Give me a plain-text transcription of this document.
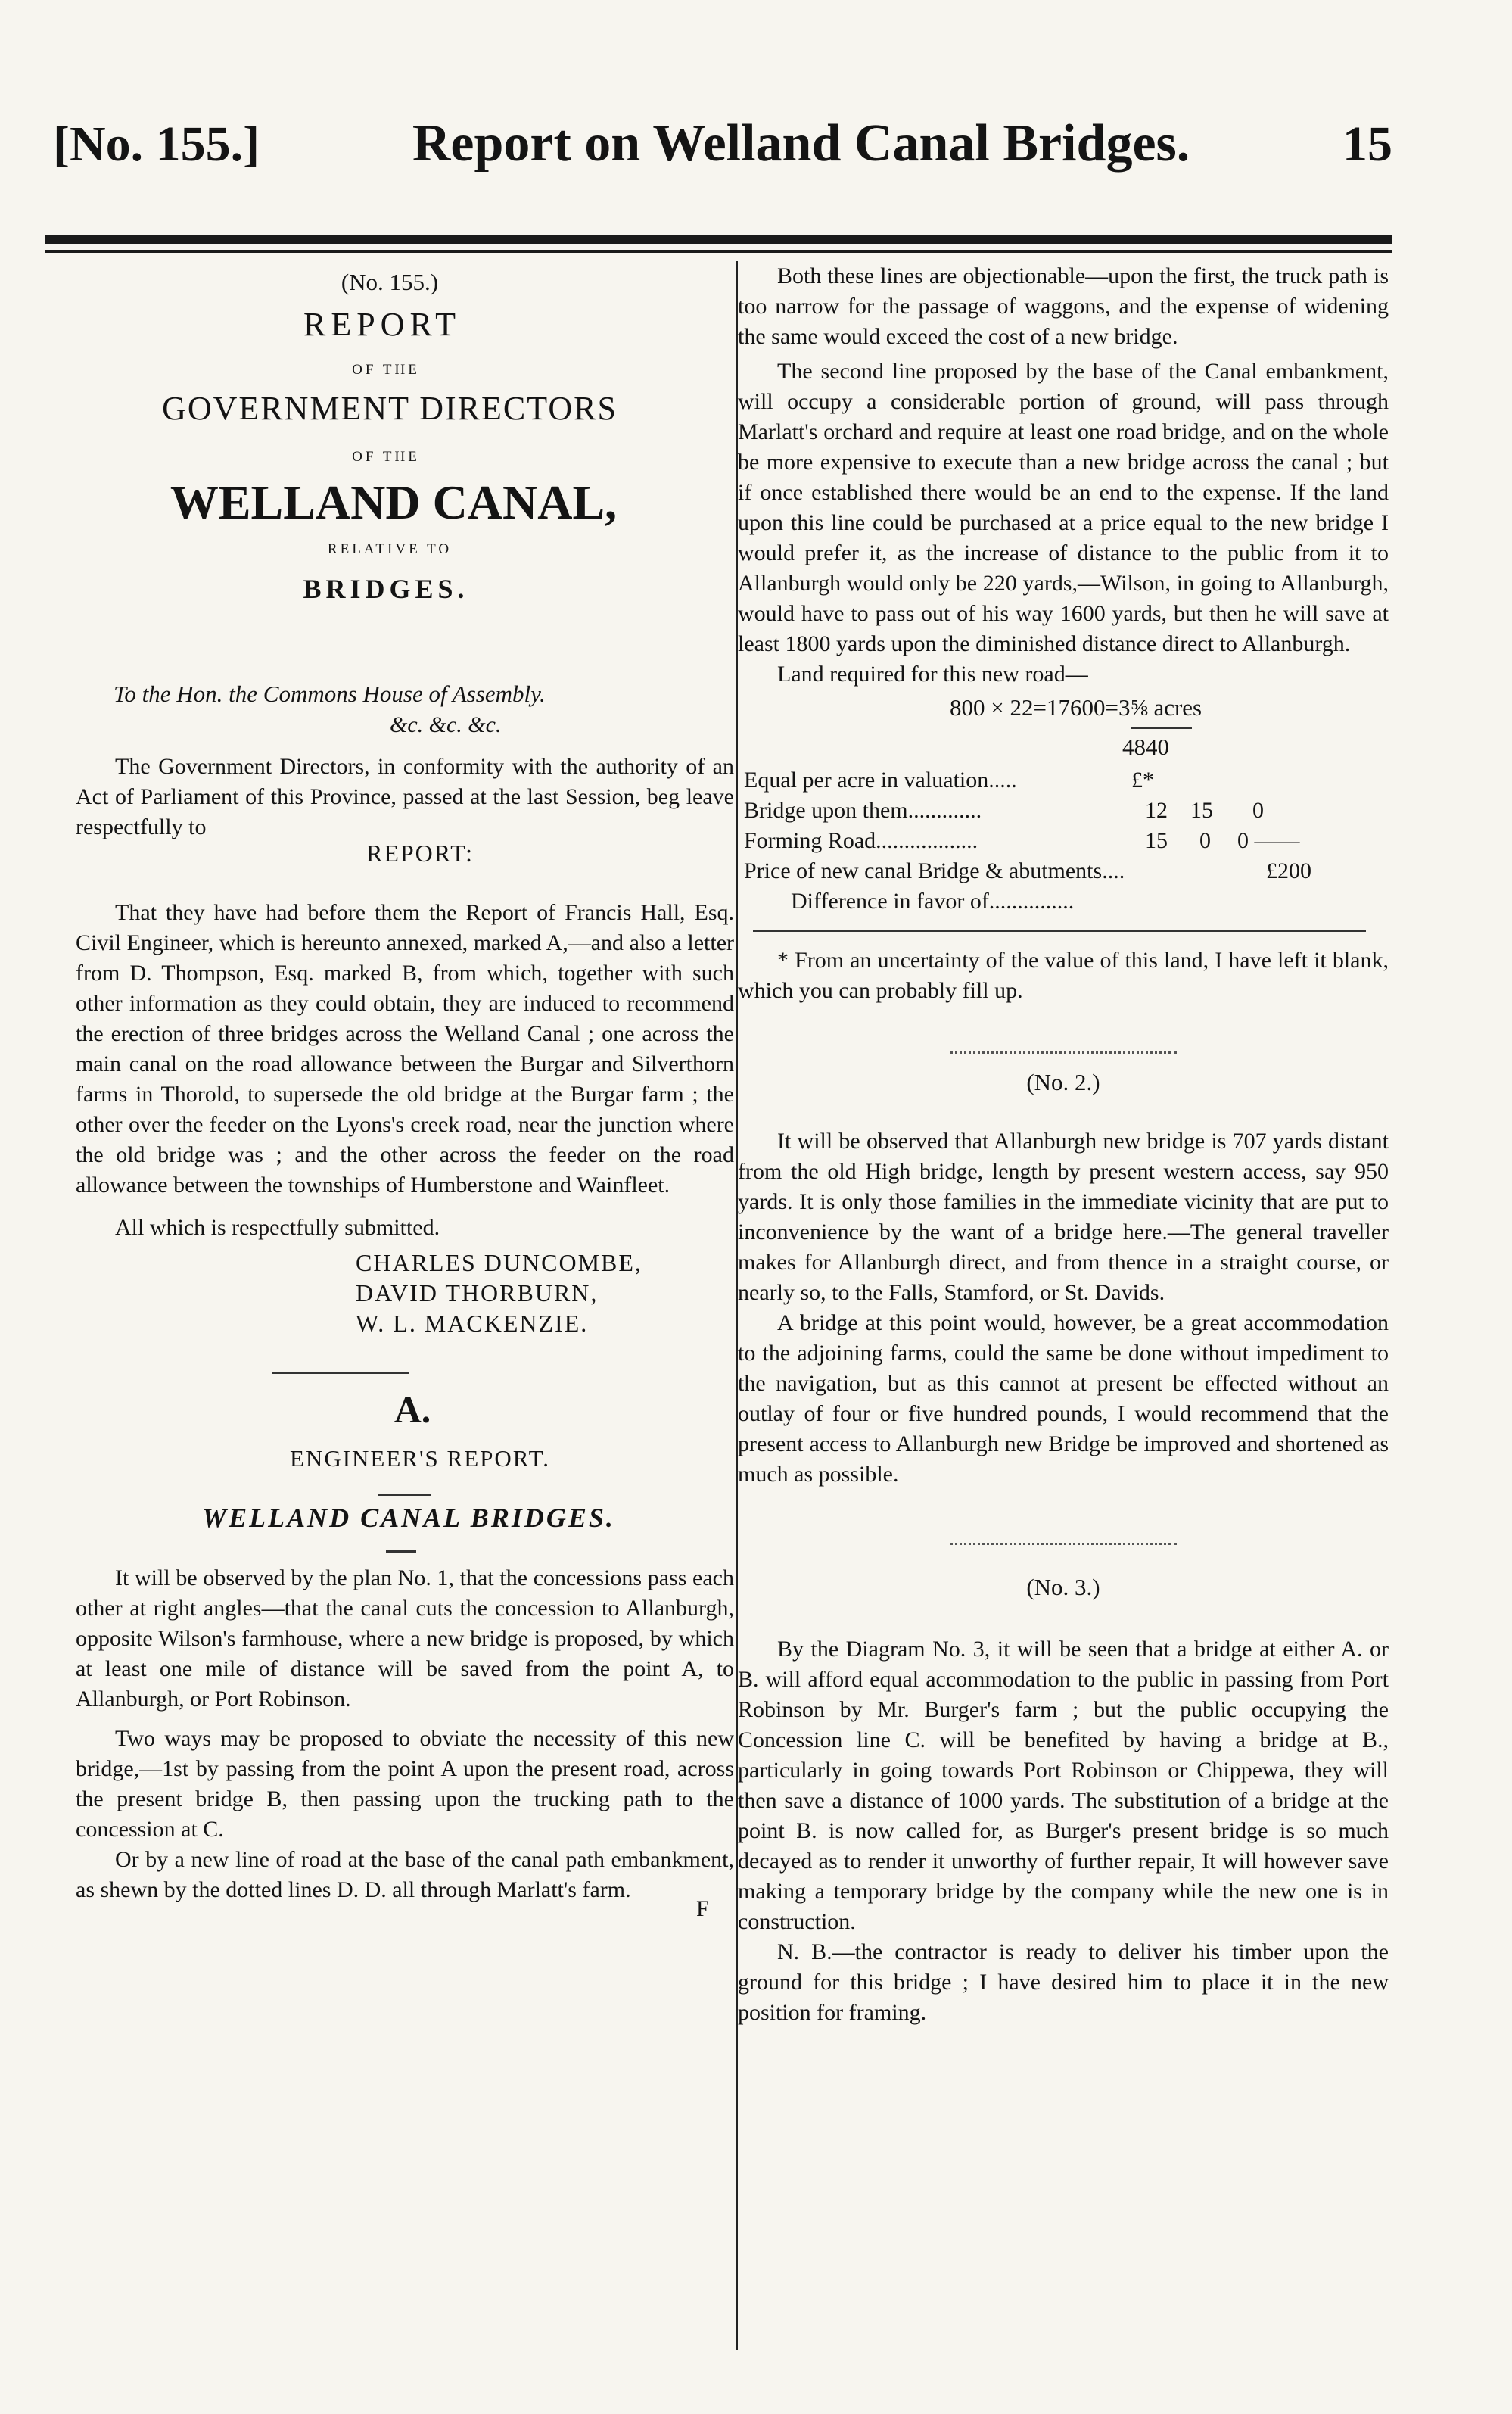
[No. 155.]	Report on Welland Canal Bridges.	15
(No. 155.)
REPORT
OF THE
GOVERNMENT DIRECTORS
OF THE
WELLAND CANAL,
RELATIVE TO
BRIDGES.
To the Hon. the Commons House of Assembly.
&c. &c. &c.
The Government Directors, in conformity with the authority of an Act of Parliament of this Province, passed at the last Session, beg leave respectfully to
REPORT:
That they have had before them the Report of Francis Hall, Esq. Civil Engineer, which is hereunto annexed, marked A,—and also a letter from D. Thompson, Esq. marked B, from which, together with such other information as they could obtain, they are induced to recommend the erection of three bridges across the Welland Canal ; one across the main canal on the road allowance between the Burgar and Silverthorn farms in Thorold, to supersede the old bridge at the Burgar farm ; the other over the feeder on the Lyons's creek road, near the junction where the old bridge was ; and the other across the feeder on the road allowance between the townships of Humberstone and Wainfleet.
All which is respectfully submitted.
CHARLES DUNCOMBE,
DAVID THORBURN,
W. L. MACKENZIE.
A.
ENGINEER'S REPORT.
WELLAND CANAL BRIDGES.
It will be observed by the plan No. 1, that the concessions pass each other at right angles—that the canal cuts the concession to Allanburgh, opposite Wilson's farmhouse, where a new bridge is proposed, by which at least one mile of distance will be saved from the point A, to Allanburgh, or Port Robinson.
Two ways may be proposed to obviate the necessity of this new bridge,—1st by passing from the point A upon the present road, across the present bridge B, then passing upon the trucking path to the concession at C.
Or by a new line of road at the base of the canal path embankment, as shewn by the dotted lines D. D. all through Marlatt's farm.
F
Both these lines are objectionable—upon the first, the truck path is too narrow for the passage of waggons, and the expense of widening the same would exceed the cost of a new bridge.
The second line proposed by the base of the Canal embankment, will occupy a considerable portion of ground, will pass through Marlatt's orchard and require at least one road bridge, and on the whole be more expensive to execute than a new bridge across the canal ; but if once established there would be an end to the expense. If the land upon this line could be purchased at a price equal to the new bridge I would prefer it, as the increase of distance to the public from it to Allanburgh would only be 220 yards,—Wilson, in going to Allanburgh, would have to pass out of his way 1600 yards, but then he will save at least 1800 yards upon the diminished distance direct to Allanburgh.
Land required for this new road—
800 × 22=17600=3⅝ acres
4840
Equal per acre in valuation.....	£*
Bridge upon them.............	12 15 0
Forming Road..................	15 0 0 ——
Price of new canal Bridge & abutments....	£200
Difference in favor of...............
* From an uncertainty of the value of this land, I have left it blank, which you can probably fill up.
(No. 2.)
It will be observed that Allanburgh new bridge is 707 yards distant from the old High bridge, length by present western access, say 950 yards. It is only those families in the immediate vicinity that are put to inconvenience by the want of a bridge here.—The general traveller makes for Allanburgh direct, and from thence in a straight course, or nearly so, to the Falls, Stamford, or St. Davids.
A bridge at this point would, however, be a great accommodation to the adjoining farms, could the same be done without impediment to the navigation, but as this cannot at present be effected without an outlay of four or five hundred pounds, I would recommend that the present access to Allanburgh new Bridge be improved and shortened as much as possible.
(No. 3.)
By the Diagram No. 3, it will be seen that a bridge at either A. or B. will afford equal accommodation to the public in passing from Port Robinson by Mr. Burger's farm ; but the public occupying the Concession line C. will be benefited by having a bridge at B., particularly in going towards Port Robinson or Chippewa, they will then save a distance of 1000 yards. The substitution of a bridge at the point B. is now called for, as Burger's present bridge is so much decayed as to render it unworthy of further repair, It will however save making a temporary bridge by the company while the new one is in construction.
N. B.—the contractor is ready to deliver his timber upon the ground for this bridge ; I have desired him to place it in the new position for framing.
